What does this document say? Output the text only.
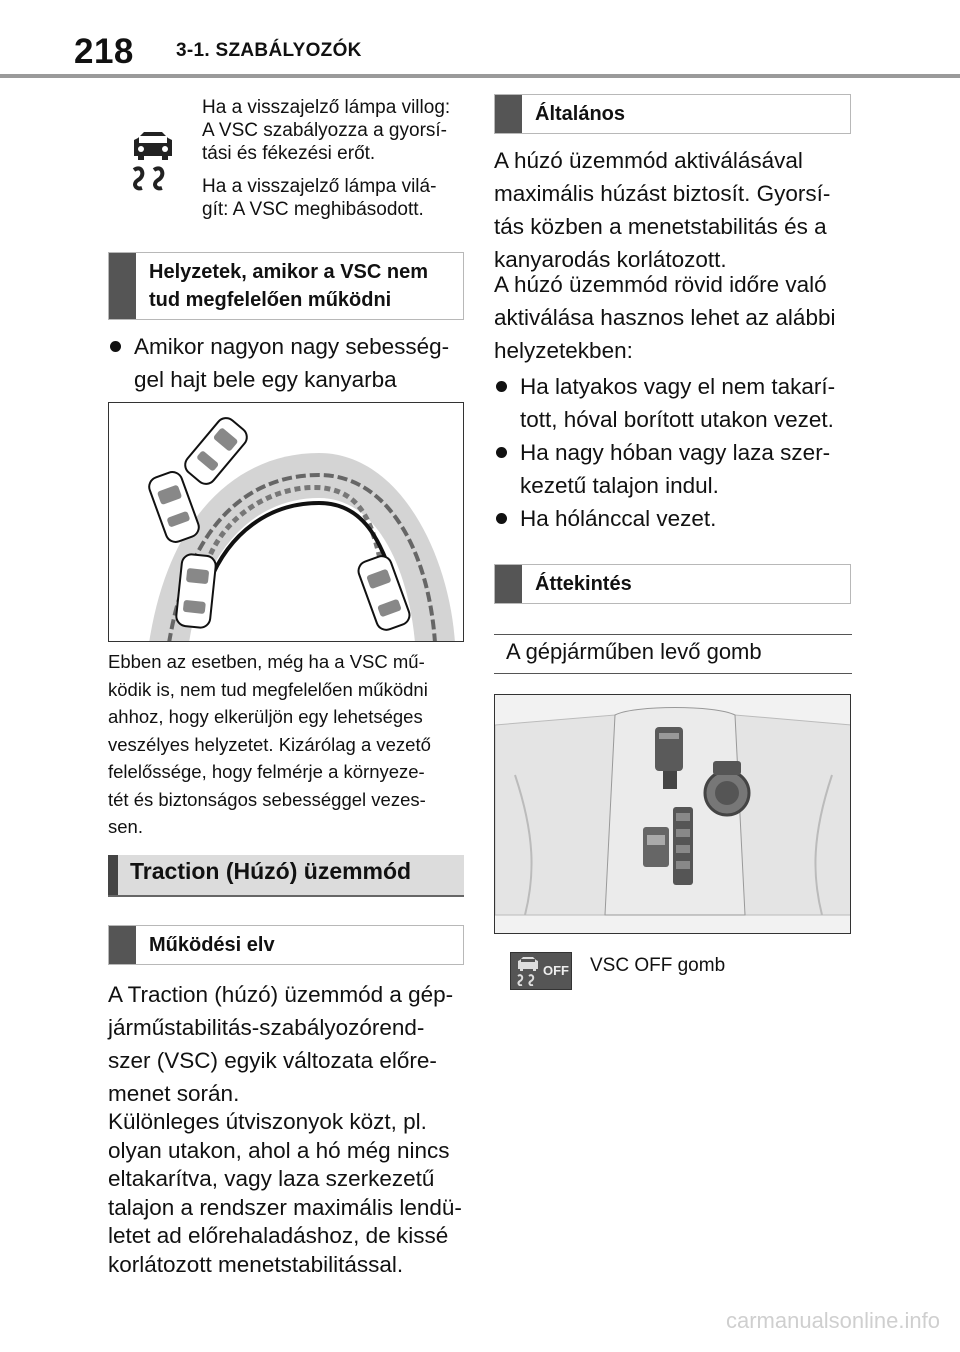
218 3-1. SZABÁLYOZÓK
Ha a visszajelző lámpa villog:
A VSC szabályozza a gyorsí-
tási és fékezési erőt.
Ha a visszajelző lámpa vilá-
gít: A VSC meghibásodott.
Helyzetek, amikor a VSC nem
tud megfelelően működni
Amikor nagyon nagy sebesség-
gel hajt bele egy kanyarba
Ebben az esetben, még ha a VSC mű-
ködik is, nem tud megfelelően működni
ahhoz, hogy elkerüljön egy lehetséges
veszélyes helyzetet. Kizárólag a vezető
felelőssége, hogy felmérje a környeze-
tét és biztonságos sebességgel vezes-
sen.
Traction (Húzó) üzemmód
Működési elv
A Traction (húzó) üzemmód a gép-
járműstabilitás-szabályozórend-
szer (VSC) egyik változata előre-
menet során.
Különleges útviszonyok közt, pl.
olyan utakon, ahol a hó még nincs
eltakarítva, vagy laza szerkezetű
talajon a rendszer maximális lendü-
letet ad előrehaladáshoz, de kissé
korlátozott menetstabilitással.
Általános
A húzó üzemmód aktiválásával
maximális húzást biztosít. Gyorsí-
tás közben a menetstabilitás és a
kanyarodás korlátozott.
A húzó üzemmód rövid időre való
aktiválása hasznos lehet az alábbi
helyzetekben:
Ha latyakos vagy el nem takarí-
tott, hóval borított utakon vezet.
Ha nagy hóban vagy laza szer-
kezetű talajon indul.
Ha hólánccal vezet.
Áttekintés
A gépjárműben levő gomb
OFF VSC OFF gomb
carmanualsonline.info
